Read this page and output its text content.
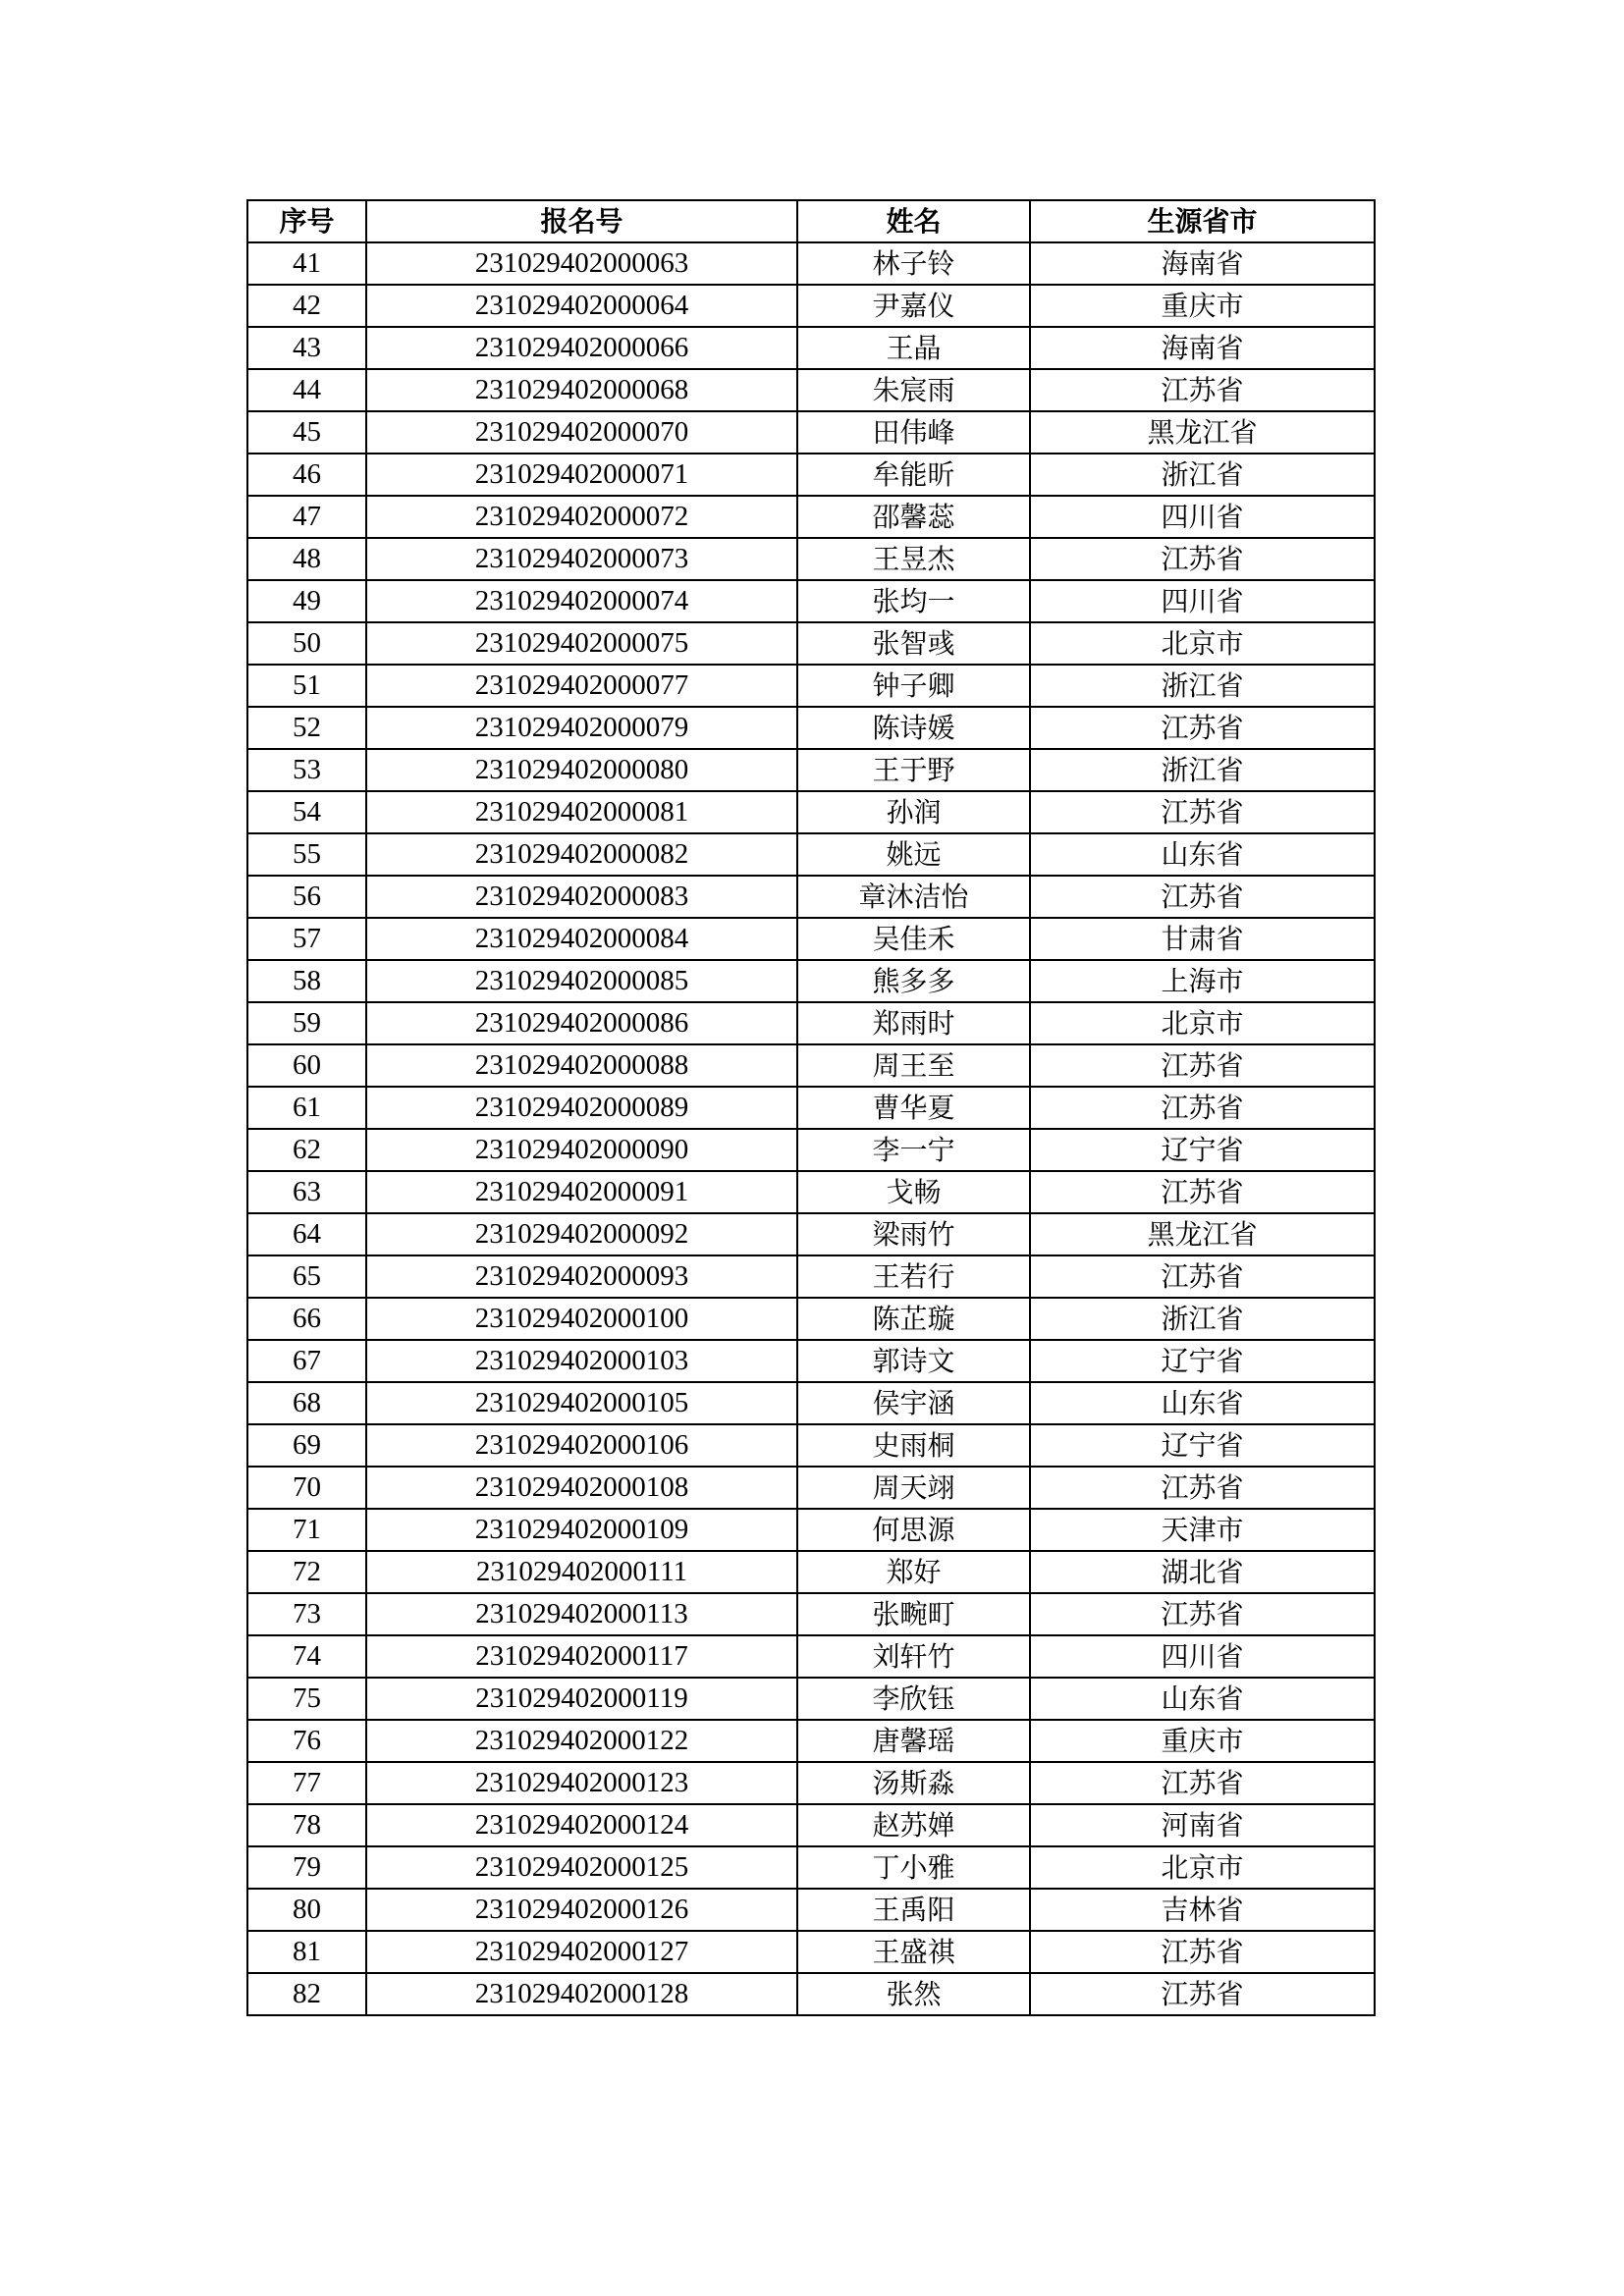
序号	报名号	姓名	生源省市
41	231029402000063	林子铃	海南省
42	231029402000064	尹嘉仪	重庆市
43	231029402000066	王晶	海南省
44	231029402000068	朱宸雨	江苏省
45	231029402000070	田伟峰	黑龙江省
46	231029402000071	牟能昕	浙江省
47	231029402000072	邵馨蕊	四川省
48	231029402000073	王昱杰	江苏省
49	231029402000074	张均一	四川省
50	231029402000075	张智彧	北京市
51	231029402000077	钟子卿	浙江省
52	231029402000079	陈诗媛	江苏省
53	231029402000080	王于野	浙江省
54	231029402000081	孙润	江苏省
55	231029402000082	姚远	山东省
56	231029402000083	章沐洁怡	江苏省
57	231029402000084	吴佳禾	甘肃省
58	231029402000085	熊多多	上海市
59	231029402000086	郑雨时	北京市
60	231029402000088	周王至	江苏省
61	231029402000089	曹华夏	江苏省
62	231029402000090	李一宁	辽宁省
63	231029402000091	戈畅	江苏省
64	231029402000092	梁雨竹	黑龙江省
65	231029402000093	王若行	江苏省
66	231029402000100	陈芷璇	浙江省
67	231029402000103	郭诗文	辽宁省
68	231029402000105	侯宇涵	山东省
69	231029402000106	史雨桐	辽宁省
70	231029402000108	周天翊	江苏省
71	231029402000109	何思源	天津市
72	231029402000111	郑好	湖北省
73	231029402000113	张畹町	江苏省
74	231029402000117	刘轩竹	四川省
75	231029402000119	李欣钰	山东省
76	231029402000122	唐馨瑶	重庆市
77	231029402000123	汤斯淼	江苏省
78	231029402000124	赵苏婵	河南省
79	231029402000125	丁小雅	北京市
80	231029402000126	王禹阳	吉林省
81	231029402000127	王盛祺	江苏省
82	231029402000128	张然	江苏省
